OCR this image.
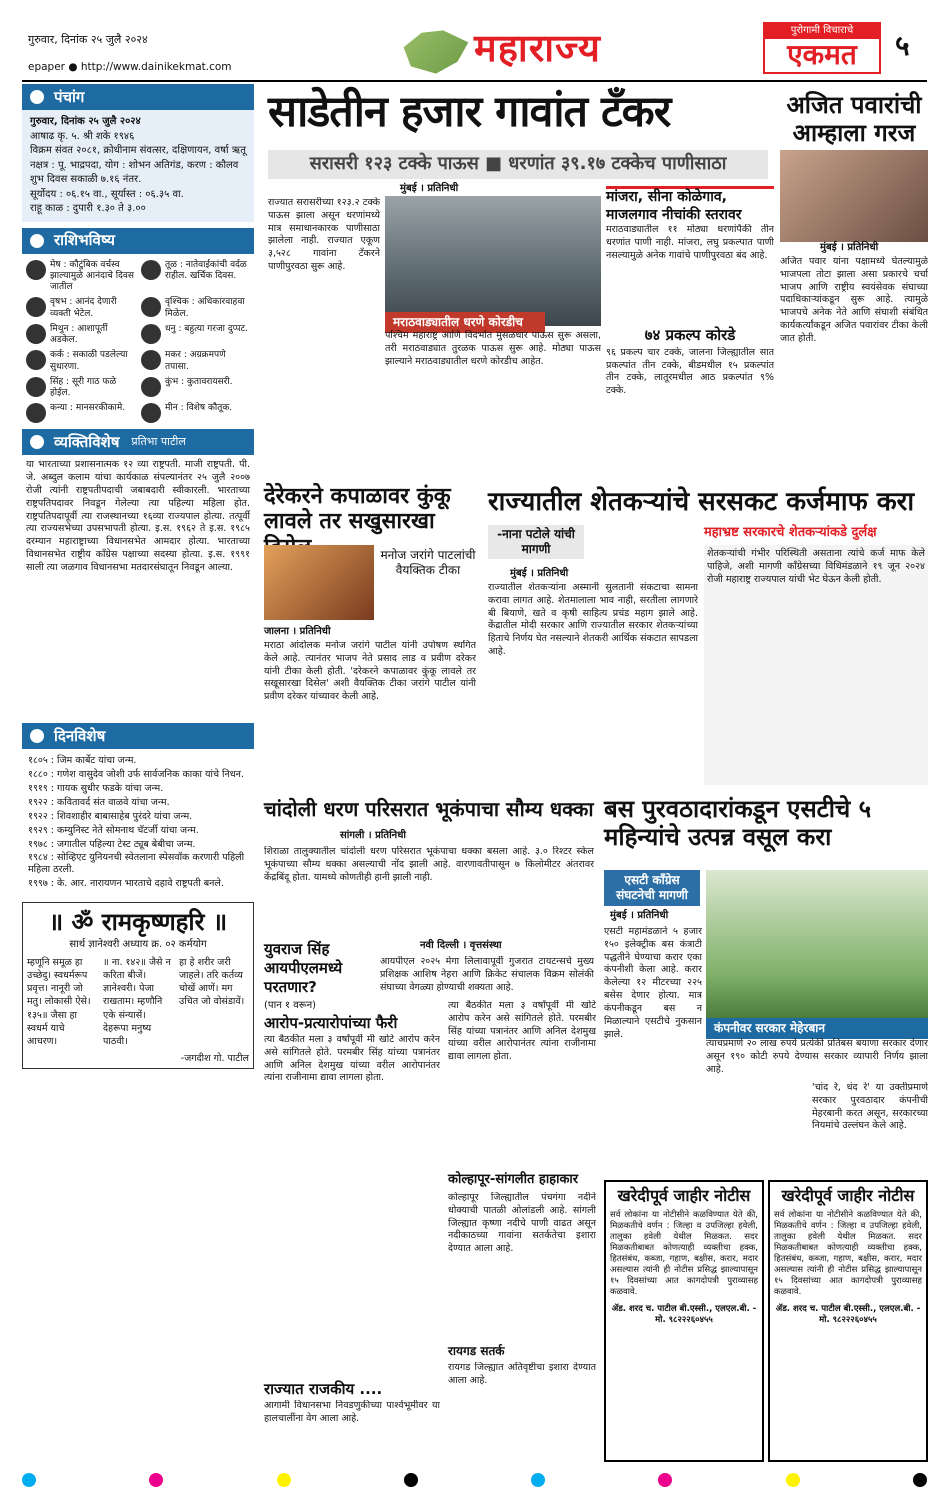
गुरुवार, दिनांक २५ जुलै २०२४
epaper ● http://www.dainikekmat.com	महाराज्य	पुरोगामी विचाराचे
एकमत	५
पंचांग
गुरुवार, दिनांक २५ जुलै २०२४
आषाढ कृ. ५. श्री शके १९४६
विक्रम संवत २०८१, क्रोधीनाम संवत्सर, दक्षिणायन, वर्षा ऋतू
नक्षत्र : पू. भाद्रपदा, योग : शोभन अतिगंड, करण : कौलव
शुभ दिवस सकाळी ७.१६ नंतर.
सूर्योदय : ०६.१५ वा., सूर्यास्त : ०६.३५ वा.
राहू काळ : दुपारी १.३० ते ३.००
राशिभविष्य
मेष : कौटुंबिक वर्चस्व झाल्यामुळे आनंदाचे दिवस जातील
तूळ : नातेवाईकांची वर्दळ राहील. खर्चिक दिवस.
वृषभ : आनंद देणारी व्यक्ती भेटेल.
वृश्चिक : अधिकारवाहवा मिळेल.
मिथुन : आशापूर्ती अडकेल.
धनु : बहुत्या गरजा दुप्पट.
कर्क : सकाळी पडलेल्या सुधारणा.
मकर : अग्रक्रमपणे तपासा.
सिंह : सूरी गाठ फळे होईल.
कुंभ : कुतावरायसरी.
कन्या : मानसरकीकामे.	मीन : विशेष कौतूक.
व्यक्तिविशेष प्रतिभा पाटील
या भारताच्या प्रशासनात्मक १२ व्या राष्ट्रपती. माजी राष्ट्रपती. पी. जे. अब्दुल कलाम यांचा कार्यकाळ संपल्यानंतर २५ जुलै २००७ रोजी त्यांनी राष्ट्रपतीपदाची जबाबदारी स्वीकारली. भारताच्या राष्ट्रपतिपदावर निवडून गेलेल्या त्या पहिल्या महिला होत. राष्ट्रपतिपदापूर्वी त्या राजस्थानच्या १६व्या राज्यपाल होत्या. तत्पूर्वी त्या राज्यसभेच्या उपसभापती होत्या. इ.स. १९६२ ते इ.स. १९८५ दरम्यान महाराष्ट्राच्या विधानसभेत आमदार होत्या. भारताच्या विधानसभेत राष्ट्रीय काँग्रेस पक्षाच्या सदस्या होत्या. इ.स. १९९१ साली त्या जळगाव विधानसभा मतदारसंघातून निवडून आल्या.
दिनविशेष
१८०५ : जिम कार्बेट यांचा जन्म.
१८८० : गणेश वासुदेव जोशी उर्फ सार्वजनिक काका यांचे निधन.
१९१९ : गायक सुधीर फडके यांचा जन्म.
१९२२ : कवितावर्द संत वाळवे यांचा जन्म.
१९२२ : शिवशाहीर बाबासाहेब पुरंदरे यांचा जन्म.
१९२९ : कम्युनिस्ट नेते सोमनाथ चॅटर्जी यांचा जन्म.
१९७८ : जगातील पहिल्या टेस्ट ट्यूब बेबीचा जन्म.
१९८४ : सोव्हिएट युनियनची स्वेतलाना स्पेसवॉक करणारी पहिली महिला ठरली.
१९९७ : के. आर. नारायणन भारताचे दहावे राष्ट्रपती बनले.
॥ ॐ रामकृष्णहरि ॥
सार्थ ज्ञानेश्वरी अध्याय क्र. ०२ कर्मयोग
म्हणूनि समूळ हा उच्छेदु। स्वधर्मरूप प्रवृत्त। नानूरी जो मतु। लोकासी ऐसे। १३५॥ जैसा हा स्वधर्म याचे आचरण।
॥ ना. १४२॥ जैसे न करिता बीजें। ज्ञानेश्वरी। पेजा राखताम। म्हणौनि एके संन्यासें। देहरूपा मनुष्य पाठवी।
हा हे शरीर जरी जाहले। तरि कर्तव्य चोखें आणें। मग उचित जो वोसंडावें।
-जगदीश गो. पाटील
साडेतीन हजार गावांत टँकर
सरासरी १२३ टक्के पाऊस ■ धरणांत ३९.१७ टक्केच पाणीसाठा
मुंबई । प्रतिनिधी
राज्यात सरासरीच्या १२३.२ टक्के पाऊस झाला असून धरणांमध्ये मात्र समाधानकारक पाणीसाठा झालेला नाही. राज्यात एकूण ३,५२८ गावांना टँकरने पाणीपुरवठा सुरू आहे.
मराठवाड्यातील धरणे कोरडीच
पश्चिम महाराष्ट्र आणि विदर्भात मुसळधार पाऊस सुरू असला, तरी मराठवाड्यात तुरळक पाऊस सुरू आहे. मोठ्या पाऊस झाल्याने मराठवाड्यातील धरणे कोरडीच आहेत.
मांजरा, सीना कोळेगाव, माजलगाव नीचांकी स्तरावर
मराठवाड्यातील ११ मोठ्या धरणांपैकी तीन धरणांत पाणी नाही. मांजरा, लघु प्रकल्पात पाणी नसल्यामुळे अनेक गावांचे पाणीपुरवठा बंद आहे.
७४ प्रकल्प कोरडे
९६ प्रकल्प चार टक्के, जालना जिल्ह्यातील सात प्रकल्पांत तीन टक्के, बीडमधील १५ प्रकल्पांत तीन टक्के, लातूरमधील आठ प्रकल्पांत ९% टक्के.
अजित पवारांची आम्हाला गरज
मुंबई । प्रतिनिधी
अजित पवार यांना पक्षामध्ये घेतल्यामुळे भाजपला तोटा झाला असा प्रकारचे चर्चा भाजप आणि राष्ट्रीय स्वयंसेवक संघाच्या पदाधिकाऱ्यांकडून सुरू आहे. त्यामुळे भाजपचे अनेक नेते आणि संघाशी संबंधित कार्यकर्त्यांकडून अजित पवारांवर टीका केली जात होती.
देरेकरने कपाळावर कुंकू लावले तर सखुसारखा
मनोज जरांगे पाटलांची वैयक्तिक टीका
जालना । प्रतिनिधी
मराठा आंदोलक मनोज जरांगे पाटील यांनी उपोषण स्थगित केले आहे. त्यानंतर भाजप नेते प्रसाद लाड व प्रवीण दरेकर यांनी टीका केली होती. 'दरेकरने कपाळावर कुंकू लावले तर सखूसारखा दिसेल' अशी वैयक्तिक टीका जरांगे पाटील यांनी प्रवीण दरेकर यांच्यावर केली आहे.
राज्यातील शेतकऱ्यांचे सरसकट कर्जमाफ करा
-नाना पटोले यांची मागणी
मुंबई । प्रतिनिधी
राज्यातील शेतकऱ्यांना अस्मानी सुलतानी संकटाचा सामना करावा लागत आहे. शेतमालाला भाव नाही, सरतीला लागणारे बी बियाणे, खते व कृषी साहित्य प्रचंड महाग झाले आहे. केंद्रातील मोदी सरकार आणि राज्यातील सरकार शेतकऱ्यांच्या हिताचे निर्णय घेत नसल्याने शेतकरी आर्थिक संकटात सापडला आहे.
महाभ्रष्ट सरकारचे शेतकऱ्यांकडे दुर्लक्ष
शेतकऱ्यांची गंभीर परिस्थिती असताना त्यांचे कर्ज माफ केले पाहिजे, अशी मागणी काँग्रेसच्या विधिमंडळाने १९ जून २०२४ रोजी महाराष्ट्र राज्यपाल यांची भेट घेऊन केली होती.
चांदोली धरण परिसरात भूकंपाचा सौम्य धक्का
सांगली । प्रतिनिधी
शिराळा तालुक्यातील चांदोली धरण परिसरात भूकंपाचा धक्का बसला आहे. ३.० रिश्टर स्केल भूकंपाच्या सौम्य धक्का असल्याची नोंद झाली आहे. वारणावतीपासून ७ किलोमीटर अंतरावर केंद्रबिंदू होता. यामध्ये कोणतीही हानी झाली नाही.
बस पुरवठादारांकडून एसटीचे ५ महिन्यांचे उत्पन्न वसूल करा
एसटी काँग्रेस संघटनेची मागणी
मुंबई । प्रतिनिधी
एसटी महामंडळाने ५ हजार १५० इलेक्ट्रीक बस कंत्राटी पद्धतीने घेण्याचा करार एका कंपनीशी केला आहे. करार केलेल्या १२ मीटरच्या २२५ बसेस देणार होत्या. मात्र कंपनीकडून बस न मिळाल्याने एसटीचे नुकसान झाले.	कंपनीवर सरकार मेहेरबान
त्याचप्रमाणे २० लाख रुपये प्रत्येकी प्रतिबस बयाणा सरकार देणार असून १९० कोटी रुपये देण्यास सरकार व्यापारी निर्णय झाला आहे.
'चांद रे, धंद रे' या उक्तीप्रमाणे सरकार पुरवठादार कंपनीची मेहरबानी करत असून, सरकारच्या नियमांचे उल्लंघन केले आहे.
युवराज सिंह आयपीएलमध्ये परतणार?
नवी दिल्ली । वृत्तसंस्था
आयपीएल २०२५ मेगा लिलावापूर्वी गुजरात टायटन्सचे मुख्य प्रशिक्षक आशिष नेहरा आणि क्रिकेट संचालक विक्रम सोलंकी संघाच्या वेगळ्या होण्याची शक्यता आहे.
(पान १ वरून)
आरोप-प्रत्यारोपांच्या फैरी
त्या बैठकीत मला ३ वर्षांपूर्वी मी खोटे आरोप करेन असे सांगितले होते. परमबीर सिंह यांच्या पत्रानंतर आणि अनिल देशमुख यांच्या वरील आरोपानंतर त्यांना राजीनामा द्यावा लागला होता.
राज्यात राजकीय ....
आगामी विधानसभा निवडणुकीच्या पार्श्वभूमीवर या हालचालींना वेग आला आहे.
कोल्हापूर-सांगलीत हाहाकार
त्या बैठकीत मला ३ वर्षांपूर्वी मी खोटे आरोप करेन असे सांगितले होते. परमबीर सिंह यांच्या पत्रानंतर आणि अनिल देशमुख यांच्या वरील आरोपानंतर त्यांना राजीनामा द्यावा लागला होता.
कोल्हापूर जिल्ह्यातील पंचगंगा नदीने धोक्याची पातळी ओलांडली आहे. सांगली जिल्ह्यात कृष्णा नदीचे पाणी वाढत असून नदीकाठच्या गावांना सतर्कतेचा इशारा देण्यात आला आहे.
रायगड सतर्क
रायगड जिल्ह्यात अतिवृष्टीचा इशारा देण्यात आला आहे.
खरेदीपूर्व जाहीर नोटीस
सर्व लोकांना या नोटीसीने कळविण्यात येते की, मिळकतीचे वर्णन : जिल्हा व उपजिल्हा हवेली, तालुका हवेली येथील मिळकत. सदर मिळकतीबाबत कोणत्याही व्यक्तीचा हक्क, हितसंबंध, कब्जा, गहाण, बक्षीस, करार, मदार असल्यास त्यांनी ही नोटीस प्रसिद्ध झाल्यापासून १५ दिवसांच्या आत कागदोपत्री पुराव्यासह कळवावे.
ॲड. शरद च. पाटील बी.एस्सी., एलएल.बी. - मो. ९८२२२६०४५५
खरेदीपूर्व जाहीर नोटीस
सर्व लोकांना या नोटीसीने कळविण्यात येते की, मिळकतीचे वर्णन : जिल्हा व उपजिल्हा हवेली, तालुका हवेली येथील मिळकत. सदर मिळकतीबाबत कोणत्याही व्यक्तीचा हक्क, हितसंबंध, कब्जा, गहाण, बक्षीस, करार, मदार असल्यास त्यांनी ही नोटीस प्रसिद्ध झाल्यापासून १५ दिवसांच्या आत कागदोपत्री पुराव्यासह कळवावे.
ॲड. शरद च. पाटील बी.एस्सी., एलएल.बी. - मो. ९८२२२६०४५५
